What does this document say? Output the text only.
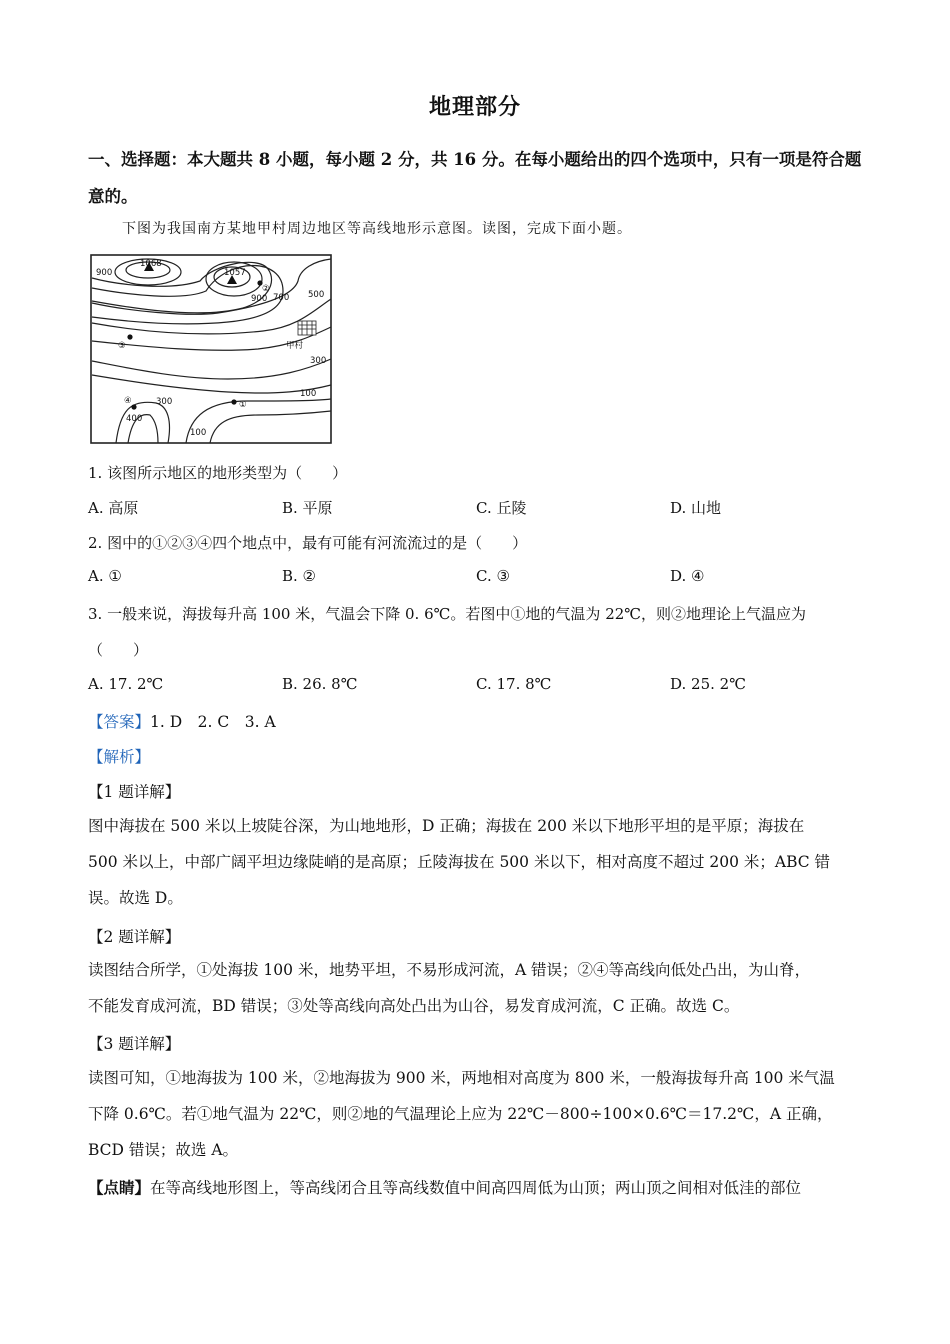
地理部分
一、选择题：本大题共 8 小题，每小题 2 分，共 16 分。在每小题给出的四个选项中，只有一项是符合题意的。
下图为我国南方某地甲村周边地区等高线地形示意图。读图，完成下面小题。
900
1068
1057
900 700 500
甲村
300
100
300
400
100
②
③
④	①
1. 该图所示地区的地形类型为（　　）
A. 高原	B. 平原	C. 丘陵	D. 山地
2. 图中的①②③④四个地点中，最有可能有河流流过的是（　　）
A. ①	B. ②	C. ③	D. ④
3. 一般来说，海拔每升高 100 米，气温会下降 0. 6℃。若图中①地的气温为 22℃，则②地理论上气温应为
（　　）
A. 17. 2℃	B. 26. 8℃	C. 17. 8℃	D. 25. 2℃
【答案】1. D　2. C　3. A
【解析】
【1 题详解】
图中海拔在 500 米以上坡陡谷深，为山地地形，D 正确；海拔在 200 米以下地形平坦的是平原；海拔在
500 米以上，中部广阔平坦边缘陡峭的是高原；丘陵海拔在 500 米以下，相对高度不超过 200 米；ABC 错
误。故选 D。
【2 题详解】
读图结合所学，①处海拔 100 米，地势平坦，不易形成河流，A 错误；②④等高线向低处凸出，为山脊，
不能发育成河流，BD 错误；③处等高线向高处凸出为山谷，易发育成河流，C 正确。故选 C。
【3 题详解】
读图可知，①地海拔为 100 米，②地海拔为 900 米，两地相对高度为 800 米，一般海拔每升高 100 米气温
下降 0.6℃。若①地气温为 22℃，则②地的气温理论上应为 22℃－800÷100×0.6℃＝17.2℃，A 正确，
BCD 错误；故选 A。
【点睛】在等高线地形图上，等高线闭合且等高线数值中间高四周低为山顶；两山顶之间相对低洼的部位
